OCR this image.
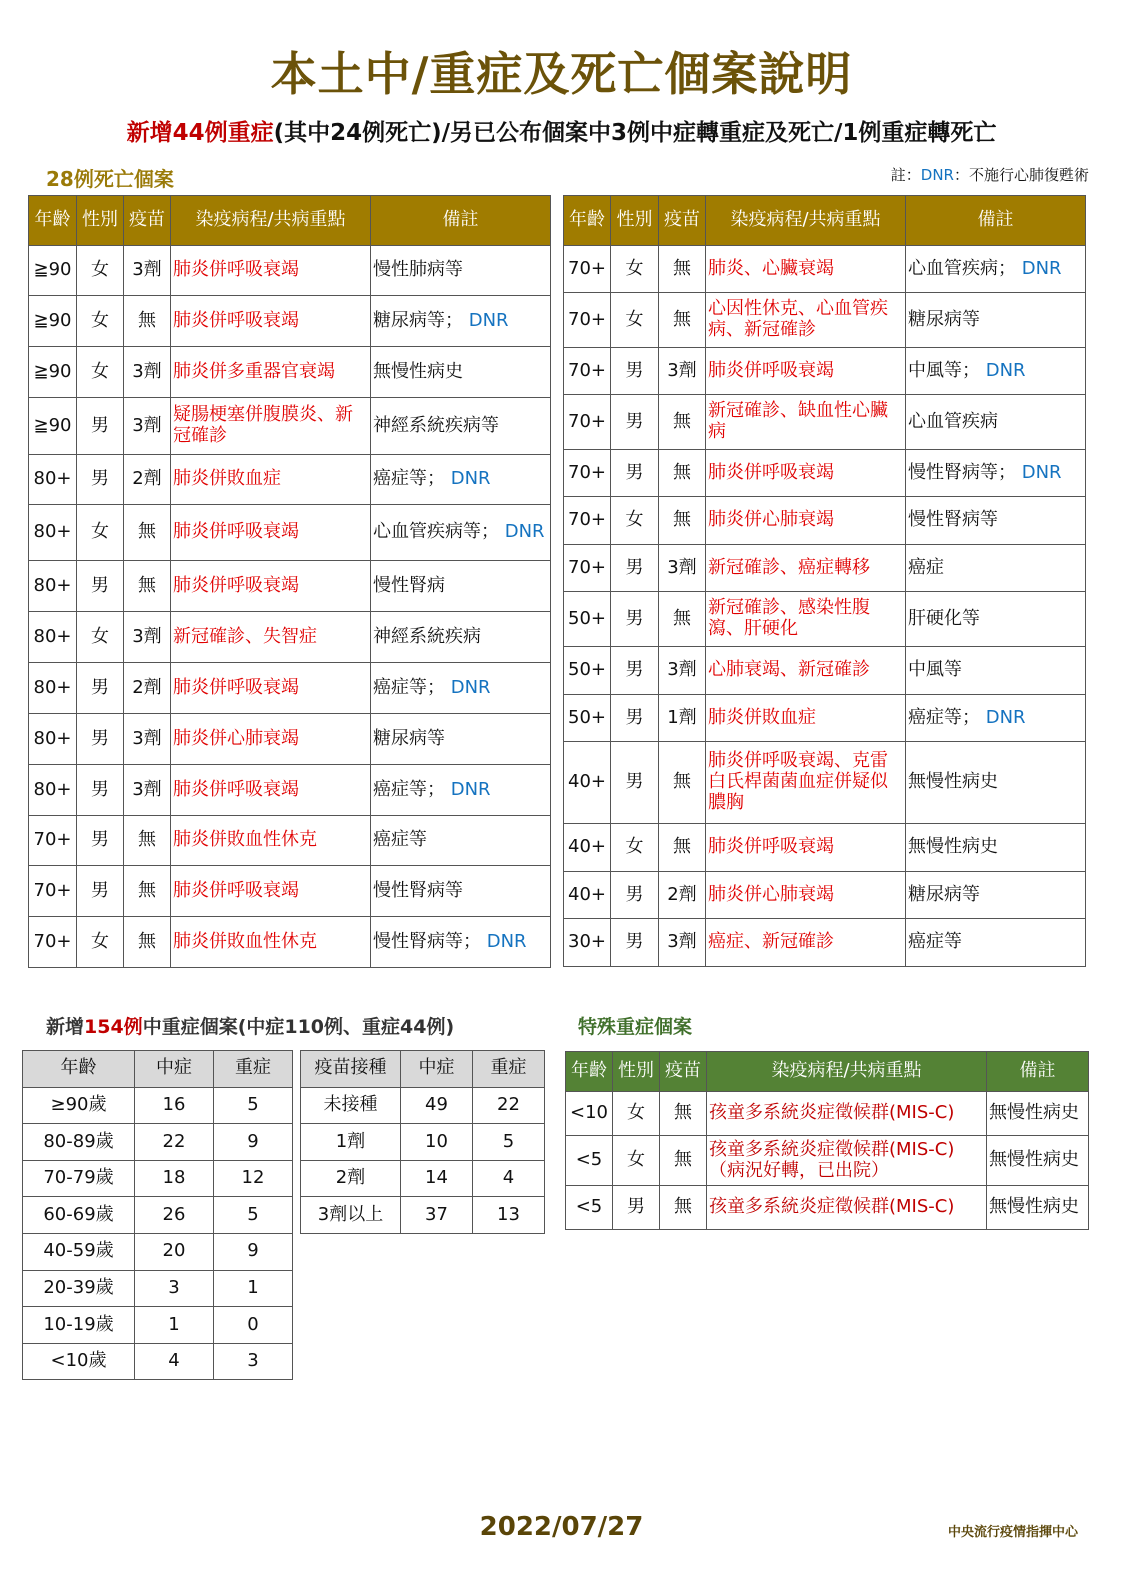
本土中/重症及死亡個案說明
新增44例重症(其中24例死亡)/另已公布個案中3例中症轉重症及死亡/1例重症轉死亡
28例死亡個案	註：DNR：不施行心肺復甦術
年齡	性別	疫苗	染疫病程/共病重點	備註
≧90	女	3劑	肺炎併呼吸衰竭	慢性肺病等
≧90	女	無	肺炎併呼吸衰竭	糖尿病等； DNR
≧90	女	3劑	肺炎併多重器官衰竭	無慢性病史
≧90	男	3劑	疑腸梗塞併腹膜炎、新冠確診	神經系統疾病等
80+	男	2劑	肺炎併敗血症	癌症等； DNR
80+	女	無	肺炎併呼吸衰竭	心血管疾病等； DNR
80+	男	無	肺炎併呼吸衰竭	慢性腎病
80+	女	3劑	新冠確診、失智症	神經系統疾病
80+	男	2劑	肺炎併呼吸衰竭	癌症等； DNR
80+	男	3劑	肺炎併心肺衰竭	糖尿病等
80+	男	3劑	肺炎併呼吸衰竭	癌症等； DNR
70+	男	無	肺炎併敗血性休克	癌症等
70+	男	無	肺炎併呼吸衰竭	慢性腎病等
70+	女	無	肺炎併敗血性休克	慢性腎病等； DNR
年齡	性別	疫苗	染疫病程/共病重點	備註
70+	女	無	肺炎、心臟衰竭	心血管疾病； DNR
70+	女	無	心因性休克、心血管疾病、新冠確診	糖尿病等
70+	男	3劑	肺炎併呼吸衰竭	中風等； DNR
70+	男	無	新冠確診、缺血性心臟病	心血管疾病
70+	男	無	肺炎併呼吸衰竭	慢性腎病等； DNR
70+	女	無	肺炎併心肺衰竭	慢性腎病等
70+	男	3劑	新冠確診、癌症轉移	癌症
50+	男	無	新冠確診、感染性腹瀉、肝硬化	肝硬化等
50+	男	3劑	心肺衰竭、新冠確診	中風等
50+	男	1劑	肺炎併敗血症	癌症等； DNR
40+	男	無	肺炎併呼吸衰竭、克雷白氏桿菌菌血症併疑似膿胸	無慢性病史
40+	女	無	肺炎併呼吸衰竭	無慢性病史
40+	男	2劑	肺炎併心肺衰竭	糖尿病等
30+	男	3劑	癌症、新冠確診	癌症等
新增154例中重症個案(中症110例、重症44例)	特殊重症個案
年齡	中症	重症
≥90歲	16	5
80-89歲	22	9
70-79歲	18	12
60-69歲	26	5
40-59歲	20	9
20-39歲	3	1
10-19歲	1	0
<10歲	4	3
疫苗接種	中症	重症
未接種	49	22
1劑	10	5
2劑	14	4
3劑以上	37	13
年齡	性別	疫苗	染疫病程/共病重點	備註
<10	女	無	孩童多系統炎症徵候群(MIS-C)	無慢性病史
<5	女	無	孩童多系統炎症徵候群(MIS-C)
（病況好轉，已出院）	無慢性病史
<5	男	無	孩童多系統炎症徵候群(MIS-C)	無慢性病史
2022/07/27	中央流行疫情指揮中心
